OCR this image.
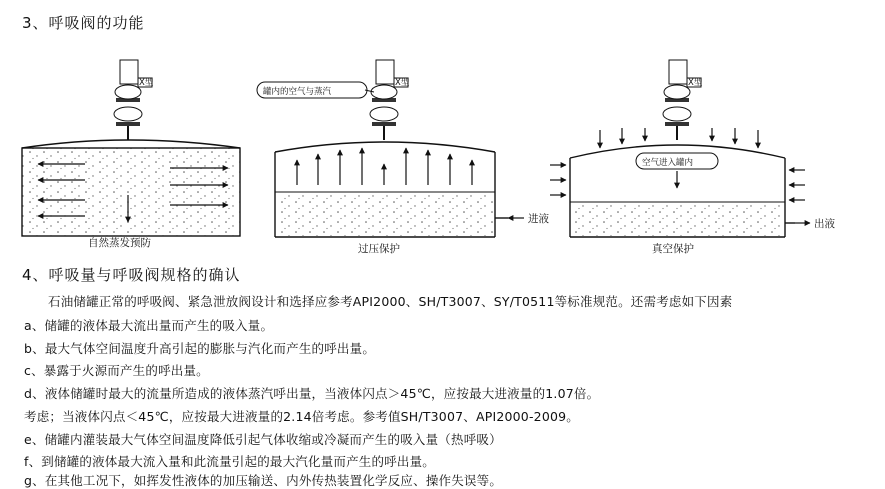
3、呼吸阀的功能
X型
自然蒸发预防
X型
罐内的空气与蒸汽
进液
过压保护
X型
空气进入罐内
出液
真空保护
4、呼吸量与呼吸阀规格的确认
石油储罐正常的呼吸阀、紧急泄放阀设计和选择应参考API2000、SH/T3007、SY/T0511等标准规范。还需考虑如下因素
a、储罐的液体最大流出量而产生的吸入量。
b、最大气体空间温度升高引起的膨胀与汽化而产生的呼出量。
c、暴露于火源而产生的呼出量。
d、液体储罐时最大的流量所造成的液体蒸汽呼出量，当液体闪点＞45℃，应按最大进液量的1.07倍。
考虑；当液体闪点＜45℃，应按最大进液量的2.14倍考虑。参考值SH/T3007、API2000-2009。
e、储罐内灌装最大气体空间温度降低引起气体收缩或冷凝而产生的吸入量（热呼吸）
f、到储罐的液体最大流入量和此流量引起的最大汽化量而产生的呼出量。
g、在其他工况下，如挥发性液体的加压输送、内外传热装置化学反应、操作失误等。
